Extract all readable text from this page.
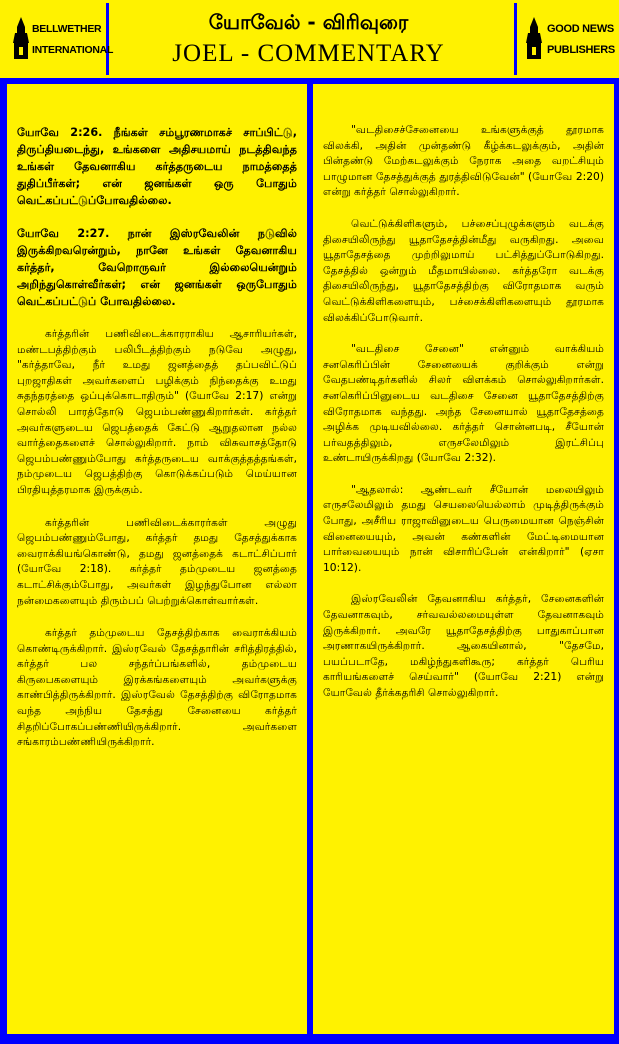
BELLWETHER
INTERNATIONAL
யோவேல் - விரிவுரை
JOEL - COMMENTARY
GOOD NEWS
PUBLISHERS

யோவே 2:26. நீங்கள் சம்பூரணமாகச் சாப்பிட்டு, திருப்தியடைந்து, உங்களை அதிசயமாய் நடத்திவந்த உங்கள் தேவனாகிய கர்த்தருடைய நாமத்தைத் துதிப்பீர்கள்; என் ஜனங்கள் ஒரு போதும் வெட்கப்பட்டுப்போவதில்லை.

யோவே 2:27. நான் இஸ்ரவேலின் நடுவில் இருக்கிறவரென்றும், நானே உங்கள் தேவனாகிய கர்த்தர், வேறொருவர் இல்லையென்றும் அறிந்துகொள்வீர்கள்; என் ஜனங்கள் ஒருபோதும் வெட்கப்பட்டுப் போவதில்லை.

கர்த்தரின் பணிவிடைக்காரராகிய ஆசாரியர்கள், மண்டபத்திற்கும் பலிபீடத்திற்கும் நடுவே அழுது, "கர்த்தாவே, நீர் உமது ஜனத்தைத் தப்பவிட்டுப் புறஜாதிகள் அவர்களைப் பழிக்கும் நிந்தைக்கு உமது சுதந்தரத்தை ஒப்புக்கொடாதிரும்" (யோவே 2:17) என்று சொல்லி பாரத்தோடு ஜெபம்பண்ணுகிறார்கள். கர்த்தர் அவர்களுடைய ஜெபத்தைக் கேட்டு ஆறுதலான நல்ல வார்த்தைகளைச் சொல்லுகிறார். நாம் விசுவாசத்தோடு ஜெபம்பண்ணும்போது கர்த்தருடைய வாக்குத்தத்தங்கள், நம்முடைய ஜெபத்திற்கு கொடுக்கப்படும் மெய்யான பிரதியுத்தரமாக இருக்கும்.

கர்த்தரின் பணிவிடைக்காரர்கள் அழுது ஜெபம்பண்ணும்போது, கர்த்தர் தமது தேசத்துக்காக வைராக்கியங்கொண்டு, தமது ஜனத்தைக் கடாட்சிப்பார் (யோவே 2:18). கர்த்தர் தம்முடைய ஜனத்தை கடாட்சிக்கும்போது, அவர்கள் இழந்துபோன எல்லா நன்மைகளையும் திரும்பப் பெற்றுக்கொள்வார்கள்.

கர்த்தர் தம்முடைய தேசத்திற்காக வைராக்கியம் கொண்டிருக்கிறார். இஸ்ரவேல் தேசத்தாரின் சரித்திரத்தில், கர்த்தர் பல சந்தர்ப்பங்களில், தம்முடைய கிருபைகளையும் இரக்கங்களையும் அவர்களுக்கு காண்பித்திருக்கிறார். இஸ்ரவேல் தேசத்திற்கு விரோதமாக வந்த அந்நிய தேசத்து சேனையை கர்த்தர் சிதறிப்போகப்பண்ணியிருக்கிறார். அவர்களை சங்காரம்பண்ணியிருக்கிறார்.

"வடதிசைச்சேனையை உங்களுக்குத் தூரமாக விலக்கி, அதின் முன்தண்டு கீழ்க்கடலுக்கும், அதின் பின்தண்டு மேற்கடலுக்கும் நேராக அதை வறட்சியும் பாழுமான தேசத்துக்குத் துரத்திவிடுவேன்" (யோவே 2:20) என்று கர்த்தர் சொல்லுகிறார்.

வெட்டுக்கிளிகளும், பச்சைப்புழுக்களும் வடக்கு திசையிலிருந்து யூதாதேசத்தின்மீது வருகிறது. அவை யூதாதேசத்தை முற்றிலுமாய் பட்சித்துப்போடுகிறது. தேசத்தில் ஒன்றும் மீதமாயில்லை. கர்த்தரோ வடக்கு திசையிலிருந்து, யூதாதேசத்திற்கு விரோதமாக வரும் வெட்டுக்கிளிகளையும், பச்சைக்கிளிகளையும் தூரமாக விலக்கிப்போடுவார்.

"வடதிசை சேனை" என்னும் வாக்கியம் சனகெரிப்பின் சேனையைக் குறிக்கும் என்று வேதபண்டிதர்களில் சிலர் விளக்கம் சொல்லுகிறார்கள். சனகெரிப்பினுடைய வடதிசை சேனை யூதாதேசத்திற்கு விரோதமாக வந்தது. அந்த சேனையால் யூதாதேசத்தை அழிக்க முடியவில்லை. கர்த்தர் சொன்னபடி, சீயோன் பர்வதத்திலும், எருசலேமிலும் இரட்சிப்பு உண்டாயிருக்கிறது (யோவே 2:32).

"ஆதலால்: ஆண்டவர் சீயோன் மலையிலும் எருசலேமிலும் தமது செயலையெல்லாம் முடித்திருக்கும் போது, அசீரிய ராஜாவினுடைய பெருமையான நெஞ்சின் வினையையும், அவன் கண்களின் மேட்டிமையான பார்வையையும் நான் விசாரிப்பேன் என்கிறார்" (ஏசா 10:12).

இஸ்ரவேலின் தேவனாகிய கர்த்தர், சேனைகளின் தேவனாகவும், சர்வவல்லமையுள்ள தேவனாகவும் இருக்கிறார். அவரே யூதாதேசத்திற்கு பாதுகாப்பான அரணாகயிருக்கிறார். ஆகையினால், "தேசமே, பயப்படாதே, மகிழ்ந்துகளிகூரு; கர்த்தர் பெரிய காரியங்களைச் செய்வார்" (யோவே 2:21) என்று யோவேல் தீர்க்கதரிசி சொல்லுகிறார்.
